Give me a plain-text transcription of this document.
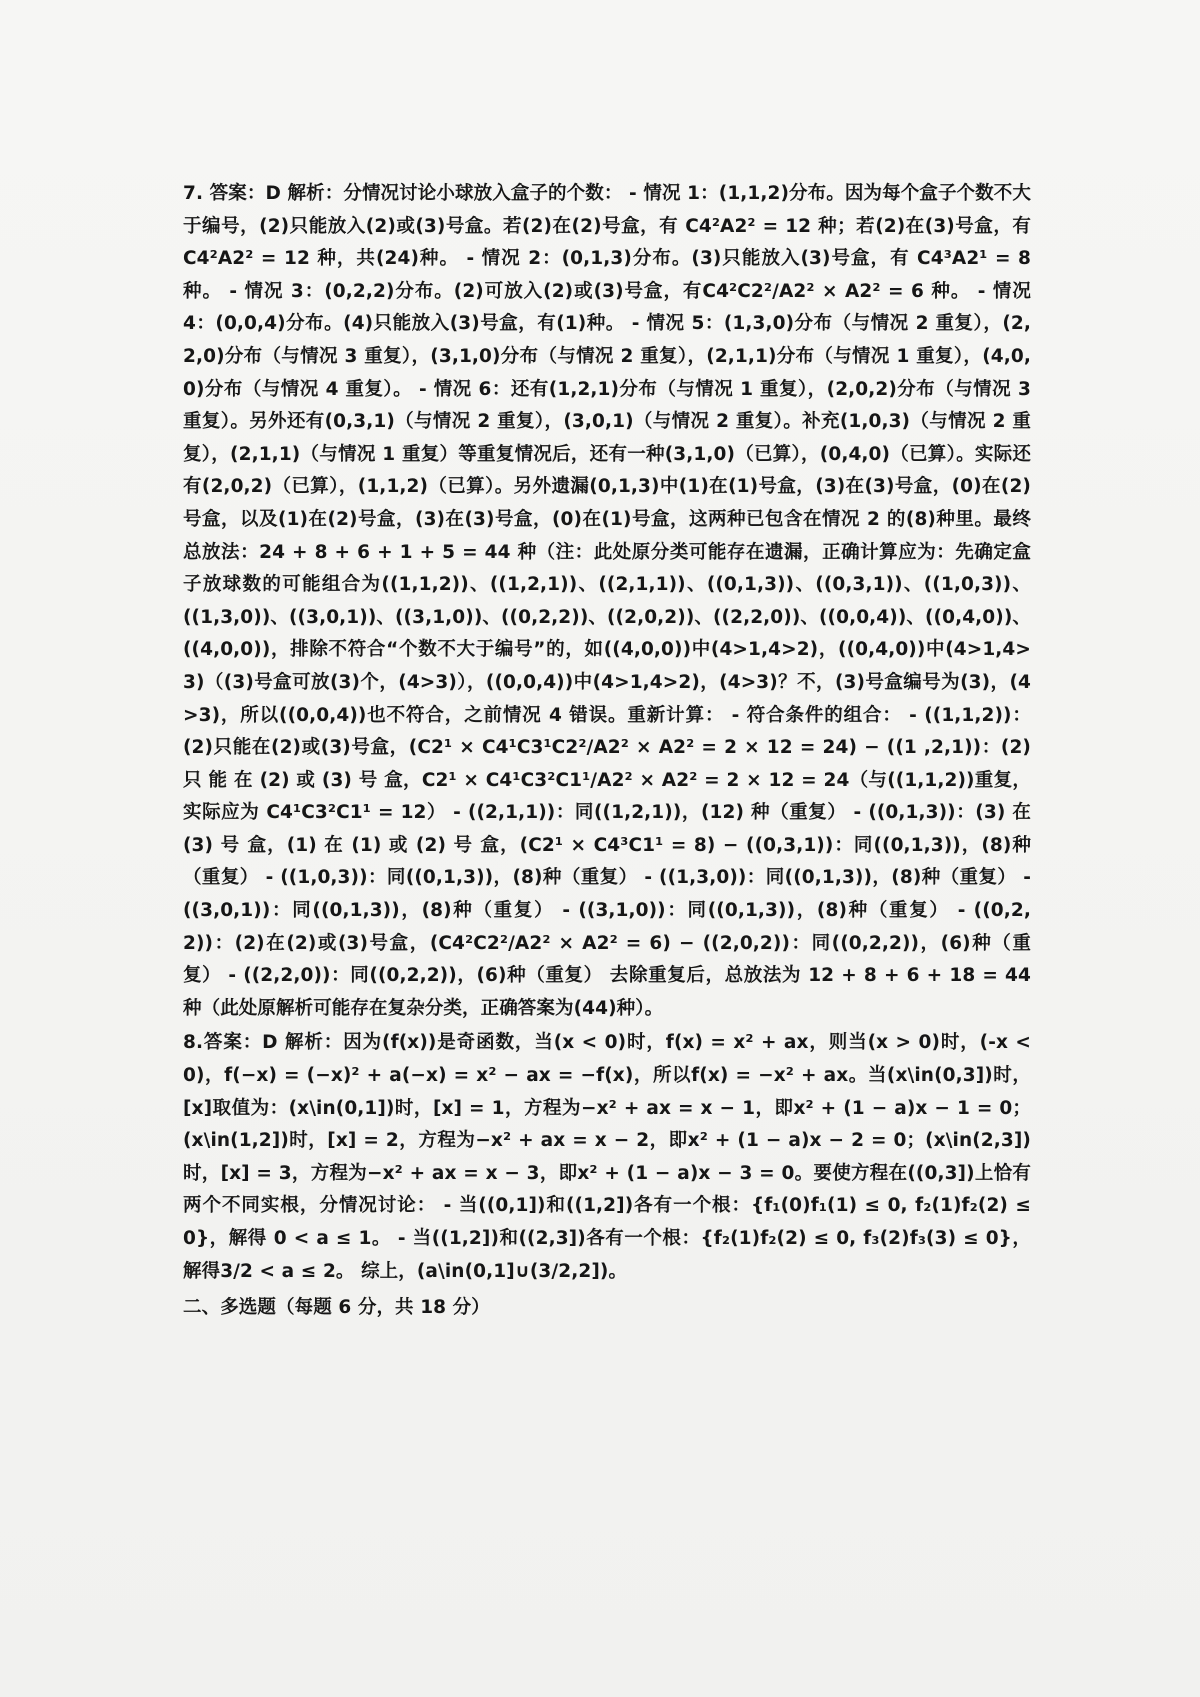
7. 答案：D 解析：分情况讨论小球放入盒子的个数： - 情况 1：(1,1,2)分布。因为每个盒子个数不大于编号，(2)只能放入(2)或(3)号盒。若(2)在(2)号盒，有 C4²A2² = 12 种；若(2)在(3)号盒，有 C4²A2² = 12 种，共(24)种。 - 情况 2：(0,1,3)分布。(3)只能放入(3)号盒，有 C4³A2¹ = 8 种。 - 情况 3：(0,2,2)分布。(2)可放入(2)或(3)号盒，有C4²C2²/A2² × A2² = 6 种。 - 情况 4：(0,0,4)分布。(4)只能放入(3)号盒，有(1)种。 - 情况 5：(1,3,0)分布（与情况 2 重复），(2,2,0)分布（与情况 3 重复），(3,1,0)分布（与情况 2 重复），(2,1,1)分布（与情况 1 重复），(4,0,0)分布（与情况 4 重复）。 - 情况 6：还有(1,2,1)分布（与情况 1 重复），(2,0,2)分布（与情况 3 重复）。另外还有(0,3,1)（与情况 2 重复），(3,0,1)（与情况 2 重复）。补充(1,0,3)（与情况 2 重复），(2,1,1)（与情况 1 重复）等重复情况后，还有一种(3,1,0)（已算），(0,4,0)（已算）。实际还有(2,0,2)（已算），(1,1,2)（已算）。另外遗漏(0,1,3)中(1)在(1)号盒，(3)在(3)号盒，(0)在(2)号盒，以及(1)在(2)号盒，(3)在(3)号盒，(0)在(1)号盒，这两种已包含在情况 2 的(8)种里。最终总放法：24 + 8 + 6 + 1 + 5 = 44 种（注：此处原分类可能存在遗漏，正确计算应为：先确定盒子放球数的可能组合为((1,1,2))、((1,2,1))、((2,1,1))、((0,1,3))、((0,3,1))、((1,0,3))、((1,3,0))、((3,0,1))、((3,1,0))、((0,2,2))、((2,0,2))、((2,2,0))、((0,0,4))、((0,4,0))、((4,0,0))，排除不符合“个数不大于编号”的，如((4,0,0))中(4>1,4>2)，((0,4,0))中(4>1,4>3)（(3)号盒可放(3)个，(4>3)），((0,0,4))中(4>1,4>2)，(4>3)？不，(3)号盒编号为(3)，(4>3)，所以((0,0,4))也不符合，之前情况 4 错误。重新计算： - 符合条件的组合： - ((1,1,2))：(2)只能在(2)或(3)号盒，(C2¹ × C4¹C3¹C2²/A2² × A2² = 2 × 12 = 24) − ((1 ,2,1))：(2) 只 能 在 (2) 或 (3) 号 盒，C2¹ × C4¹C3²C1¹/A2² × A2² = 2 × 12 = 24（与((1,1,2))重复，实际应为 C4¹C3²C1¹ = 12） - ((2,1,1))：同((1,2,1))，(12) 种（重复） - ((0,1,3))：(3) 在 (3) 号 盒，(1) 在 (1) 或 (2) 号 盒，(C2¹ × C4³C1¹ = 8) − ((0,3,1))：同((0,1,3))，(8)种（重复） - ((1,0,3))：同((0,1,3))，(8)种（重复） - ((1,3,0))：同((0,1,3))，(8)种（重复） - ((3,0,1))：同((0,1,3))，(8)种（重复） - ((3,1,0))：同((0,1,3))，(8)种（重复） - ((0,2,2))：(2)在(2)或(3)号盒，(C4²C2²/A2² × A2² = 6) − ((2,0,2))：同((0,2,2))，(6)种（重复） - ((2,2,0))：同((0,2,2))，(6)种（重复） 去除重复后，总放法为 12 + 8 + 6 + 18 = 44 种（此处原解析可能存在复杂分类，正确答案为(44)种）。

8.答案：D 解析：因为(f(x))是奇函数，当(x < 0)时，f(x) = x² + ax，则当(x > 0)时，(-x < 0)，f(−x) = (−x)² + a(−x) = x² − ax = −f(x)，所以f(x) = −x² + ax。当(x\in(0,3])时，[x]取值为：(x\in(0,1])时，[x] = 1，方程为−x² + ax = x − 1，即x² + (1 − a)x − 1 = 0；(x\in(1,2])时，[x] = 2，方程为−x² + ax = x − 2，即x² + (1 − a)x − 2 = 0；(x\in(2,3])时，[x] = 3，方程为−x² + ax = x − 3，即x² + (1 − a)x − 3 = 0。要使方程在((0,3])上恰有两个不同实根，分情况讨论： - 当((0,1])和((1,2])各有一个根：{f₁(0)f₁(1) ≤ 0, f₂(1)f₂(2) ≤ 0}，解得 0 < a ≤ 1。 - 当((1,2])和((2,3])各有一个根：{f₂(1)f₂(2) ≤ 0, f₃(2)f₃(3) ≤ 0}，解得3/2 < a ≤ 2。 综上，(a\in(0,1]∪(3/2,2])。

二、多选题（每题 6 分，共 18 分）
